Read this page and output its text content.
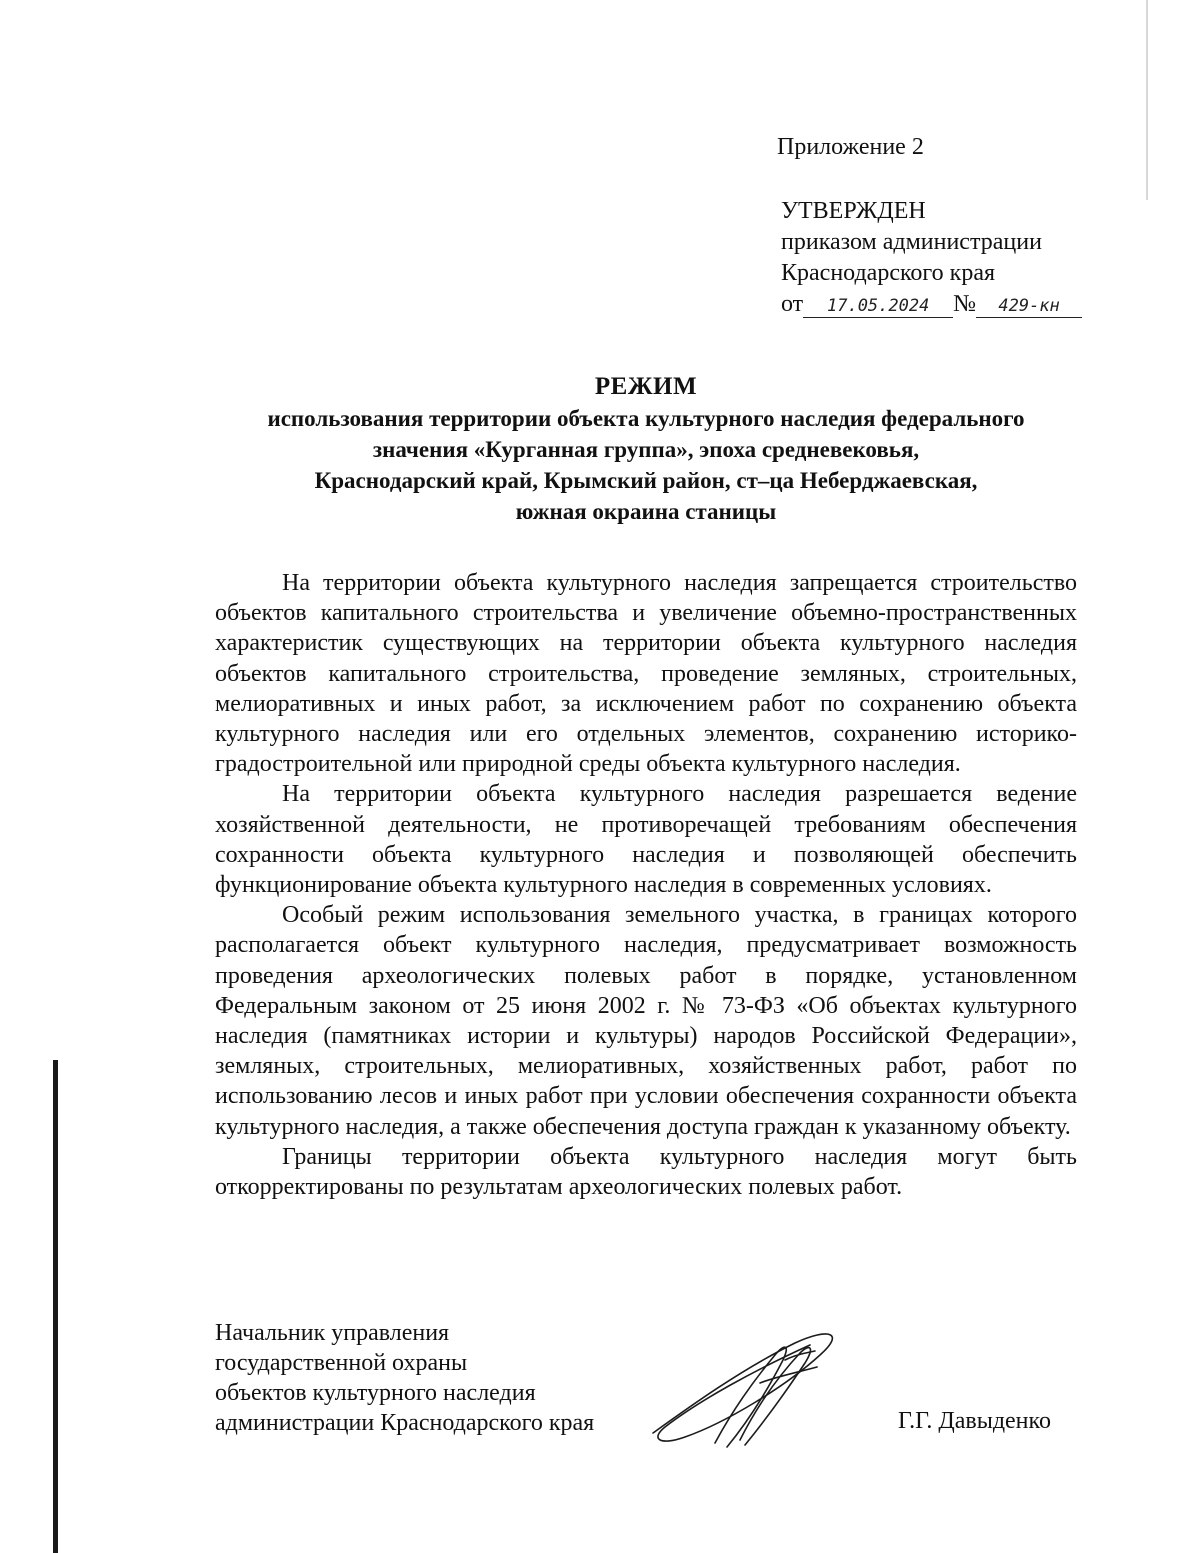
Приложение 2
УТВЕРЖДЕН
приказом администрации
Краснодарского края
от 17.05.2024 № 429-кн
РЕЖИМ
использования территории объекта культурного наследия федерального
значения «Курганная группа», эпоха средневековья,
Краснодарский край, Крымский район, ст–ца Неберджаевская,
южная окраина станицы

На территории объекта культурного наследия запрещается строительство объектов капитального строительства и увеличение объемно-пространственных характеристик существующих на территории объекта культурного наследия объектов капитального строительства, проведение земляных, строительных, мелиоративных и иных работ, за исключением работ по сохранению объекта культурного наследия или его отдельных элементов, сохранению историко-градостроительной или природной среды объекта культурного наследия.

На территории объекта культурного наследия разрешается ведение хозяйственной деятельности, не противоречащей требованиям обеспечения сохранности объекта культурного наследия и позволяющей обеспечить функционирование объекта культурного наследия в современных условиях.

Особый режим использования земельного участка, в границах которого располагается объект культурного наследия, предусматривает возможность проведения археологических полевых работ в порядке, установленном Федеральным законом от 25 июня 2002 г. № 73-ФЗ «Об объектах культурного наследия (памятниках истории и культуры) народов Российской Федерации», земляных, строительных, мелиоративных, хозяйственных работ, работ по использованию лесов и иных работ при условии обеспечения сохранности объекта культурного наследия, а также обеспечения доступа граждан к указанному объекту.

Границы территории объекта культурного наследия могут быть откорректированы по результатам археологических полевых работ.

Начальник управления
государственной охраны
объектов культурного наследия
администрации Краснодарского края	Г.Г. Давыденко
